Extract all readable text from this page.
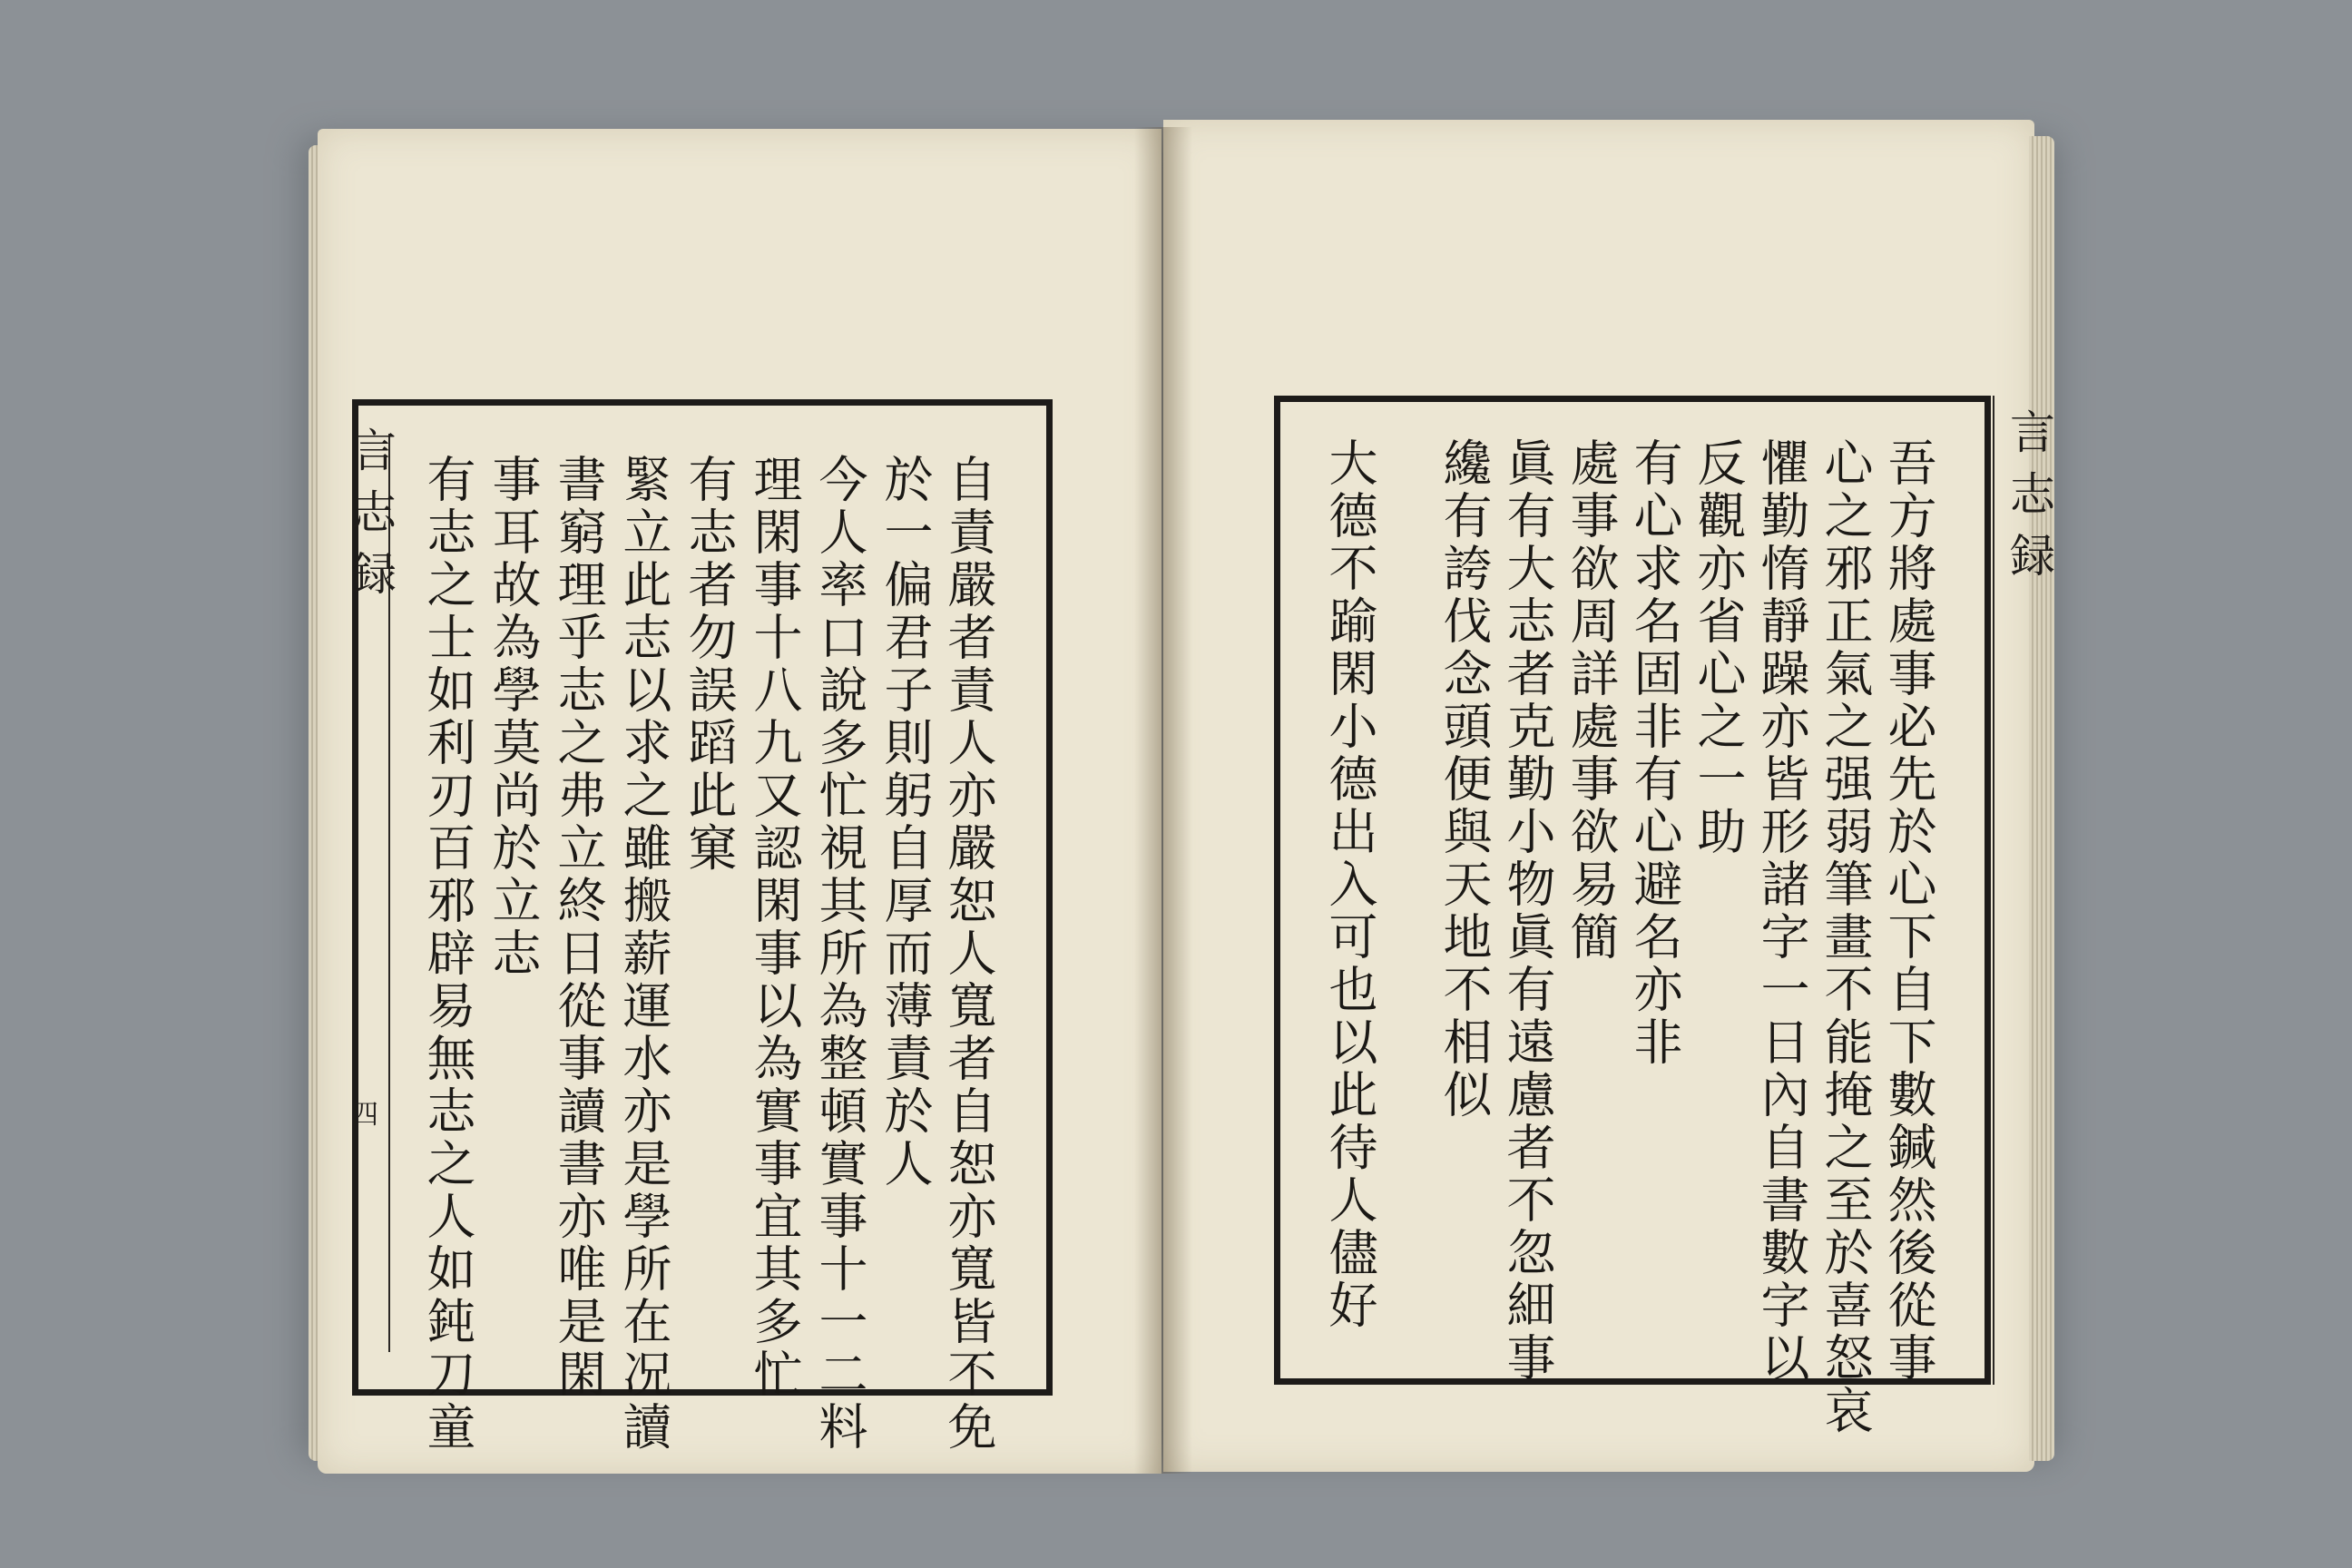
言志録
四	自責嚴者責人亦嚴恕人寬者自恕亦寬皆不免
於一偏君子則躬自厚而薄責於人
今人率口說多忙視其所為整頓實事十一二料
理閑事十八九又認閑事以為實事宜其多忙
有志者勿誤蹈此窠
緊立此志以求之雖搬薪運水亦是學所在况讀
書窮理乎志之弗立終日從事讀書亦唯是閑
事耳故為學莫尚於立志
有志之士如利刃百邪辟易無志之人如鈍刀童	言志録
吾方將處事必先於心下自下數鍼然後從事
心之邪正氣之强弱筆畫不能掩之至於喜怒哀
懼勤惰靜躁亦皆形諸字一日內自書數字以
反觀亦省心之一助
有心求名固非有心避名亦非
處事欲周詳處事欲易簡
眞有大志者克勤小物眞有遠慮者不忽細事
纔有誇伐念頭便與天地不相似
大德不踰閑小德出入可也以此待人儘好
